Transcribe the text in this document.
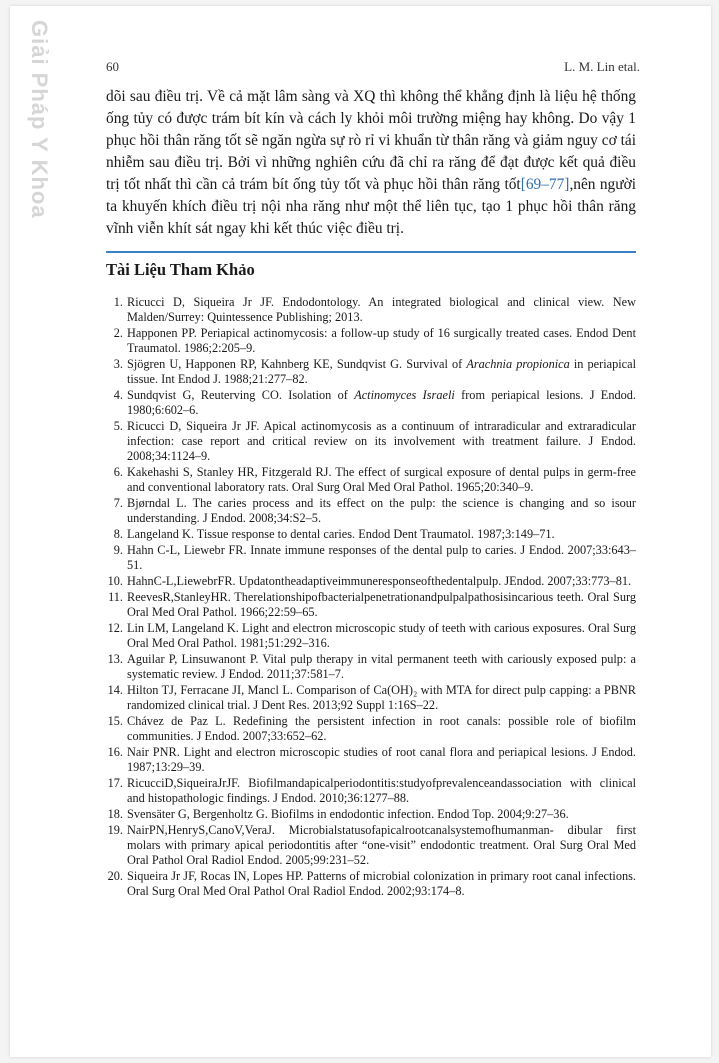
Giải Pháp Y Khoa	60	L. M. Lin etal.
dõi sau điều trị. Về cả mặt lâm sàng và XQ thì không thể khẳng định là liệu hệ thống ống tủy có được trám bít kín và cách ly khỏi môi trường miệng hay không. Do vậy 1 phục hồi thân răng tốt sẽ ngăn ngừa sự rò rỉ vi khuẩn từ thân răng và giảm nguy cơ tái nhiễm sau điều trị. Bởi vì những nghiên cứu đã chỉ ra răng để đạt được kết quả điều trị tốt nhất thì cần cả trám bít ống tủy tốt và phục hồi thân răng tốt[69–77],nên người ta khuyến khích điều trị nội nha răng như một thể liên tục, tạo 1 phục hồi thân răng vĩnh viễn khít sát ngay khi kết thúc việc điều trị.
Tài Liệu Tham Khảo
1. Ricucci D, Siqueira Jr JF. Endodontology. An integrated biological and clinical view. New Malden/Surrey: Quintessence Publishing; 2013.
2. Happonen PP. Periapical actinomycosis: a follow-up study of 16 surgically treated cases. Endod Dent Traumatol. 1986;2:205–9.
3. Sjögren U, Happonen RP, Kahnberg KE, Sundqvist G. Survival of Arachnia propionica in periapical tissue. Int Endod J. 1988;21:277–82.
4. Sundqvist G, Reuterving CO. Isolation of Actinomyces Israeli from periapical lesions. J Endod. 1980;6:602–6.
5. Ricucci D, Siqueira Jr JF. Apical actinomycosis as a continuum of intraradicular and extraradicular infection: case report and critical review on its involvement with treatment failure. J Endod. 2008;34:1124–9.
6. Kakehashi S, Stanley HR, Fitzgerald RJ. The effect of surgical exposure of dental pulps in germ-free and conventional laboratory rats. Oral Surg Oral Med Oral Pathol. 1965;20:340–9.
7. Bjørndal L. The caries process and its effect on the pulp: the science is changing and so isour understanding. J Endod. 2008;34:S2–5.
8. Langeland K. Tissue response to dental caries. Endod Dent Traumatol. 1987;3:149–71.
9. Hahn C-L, Liewebr FR. Innate immune responses of the dental pulp to caries. J Endod. 2007;33:643–51.
10. HahnC-L,LiewebrFR. Updatontheadaptiveimmuneresponseofthedentalpulp. JEndod. 2007;33:773–81.
11. ReevesR,StanleyHR. Therelationshipofbacterialpenetrationandpulpalpathosisincarious teeth. Oral Surg Oral Med Oral Pathol. 1966;22:59–65.
12. Lin LM, Langeland K. Light and electron microscopic study of teeth with carious exposures. Oral Surg Oral Med Oral Pathol. 1981;51:292–316.
13. Aguilar P, Linsuwanont P. Vital pulp therapy in vital permanent teeth with cariously exposed pulp: a systematic review. J Endod. 2011;37:581–7.
14. Hilton TJ, Ferracane JI, Mancl L. Comparison of Ca(OH)₂ with MTA for direct pulp capping: a PBNR randomized clinical trial. J Dent Res. 2013;92 Suppl 1:16S–22.
15. Chávez de Paz L. Redefining the persistent infection in root canals: possible role of biofilm communities. J Endod. 2007;33:652–62.
16. Nair PNR. Light and electron microscopic studies of root canal flora and periapical lesions. J Endod. 1987;13:29–39.
17. RicucciD,SiqueiraJrJF. Biofilmandapicalperiodontitis:studyofprevalenceandassociation with clinical and histopathologic findings. J Endod. 2010;36:1277–88.
18. Svensäter G, Bergenholtz G. Biofilms in endodontic infection. Endod Top. 2004;9:27–36.
19. NairPN,HenryS,CanoV,VeraJ. Microbialstatusofapicalrootcanalsystemofhumanman- dibular first molars with primary apical periodontitis after “one-visit” endodontic treatment. Oral Surg Oral Med Oral Pathol Oral Radiol Endod. 2005;99:231–52.
20. Siqueira Jr JF, Rocas IN, Lopes HP. Patterns of microbial colonization in primary root canal infections. Oral Surg Oral Med Oral Pathol Oral Radiol Endod. 2002;93:174–8.
